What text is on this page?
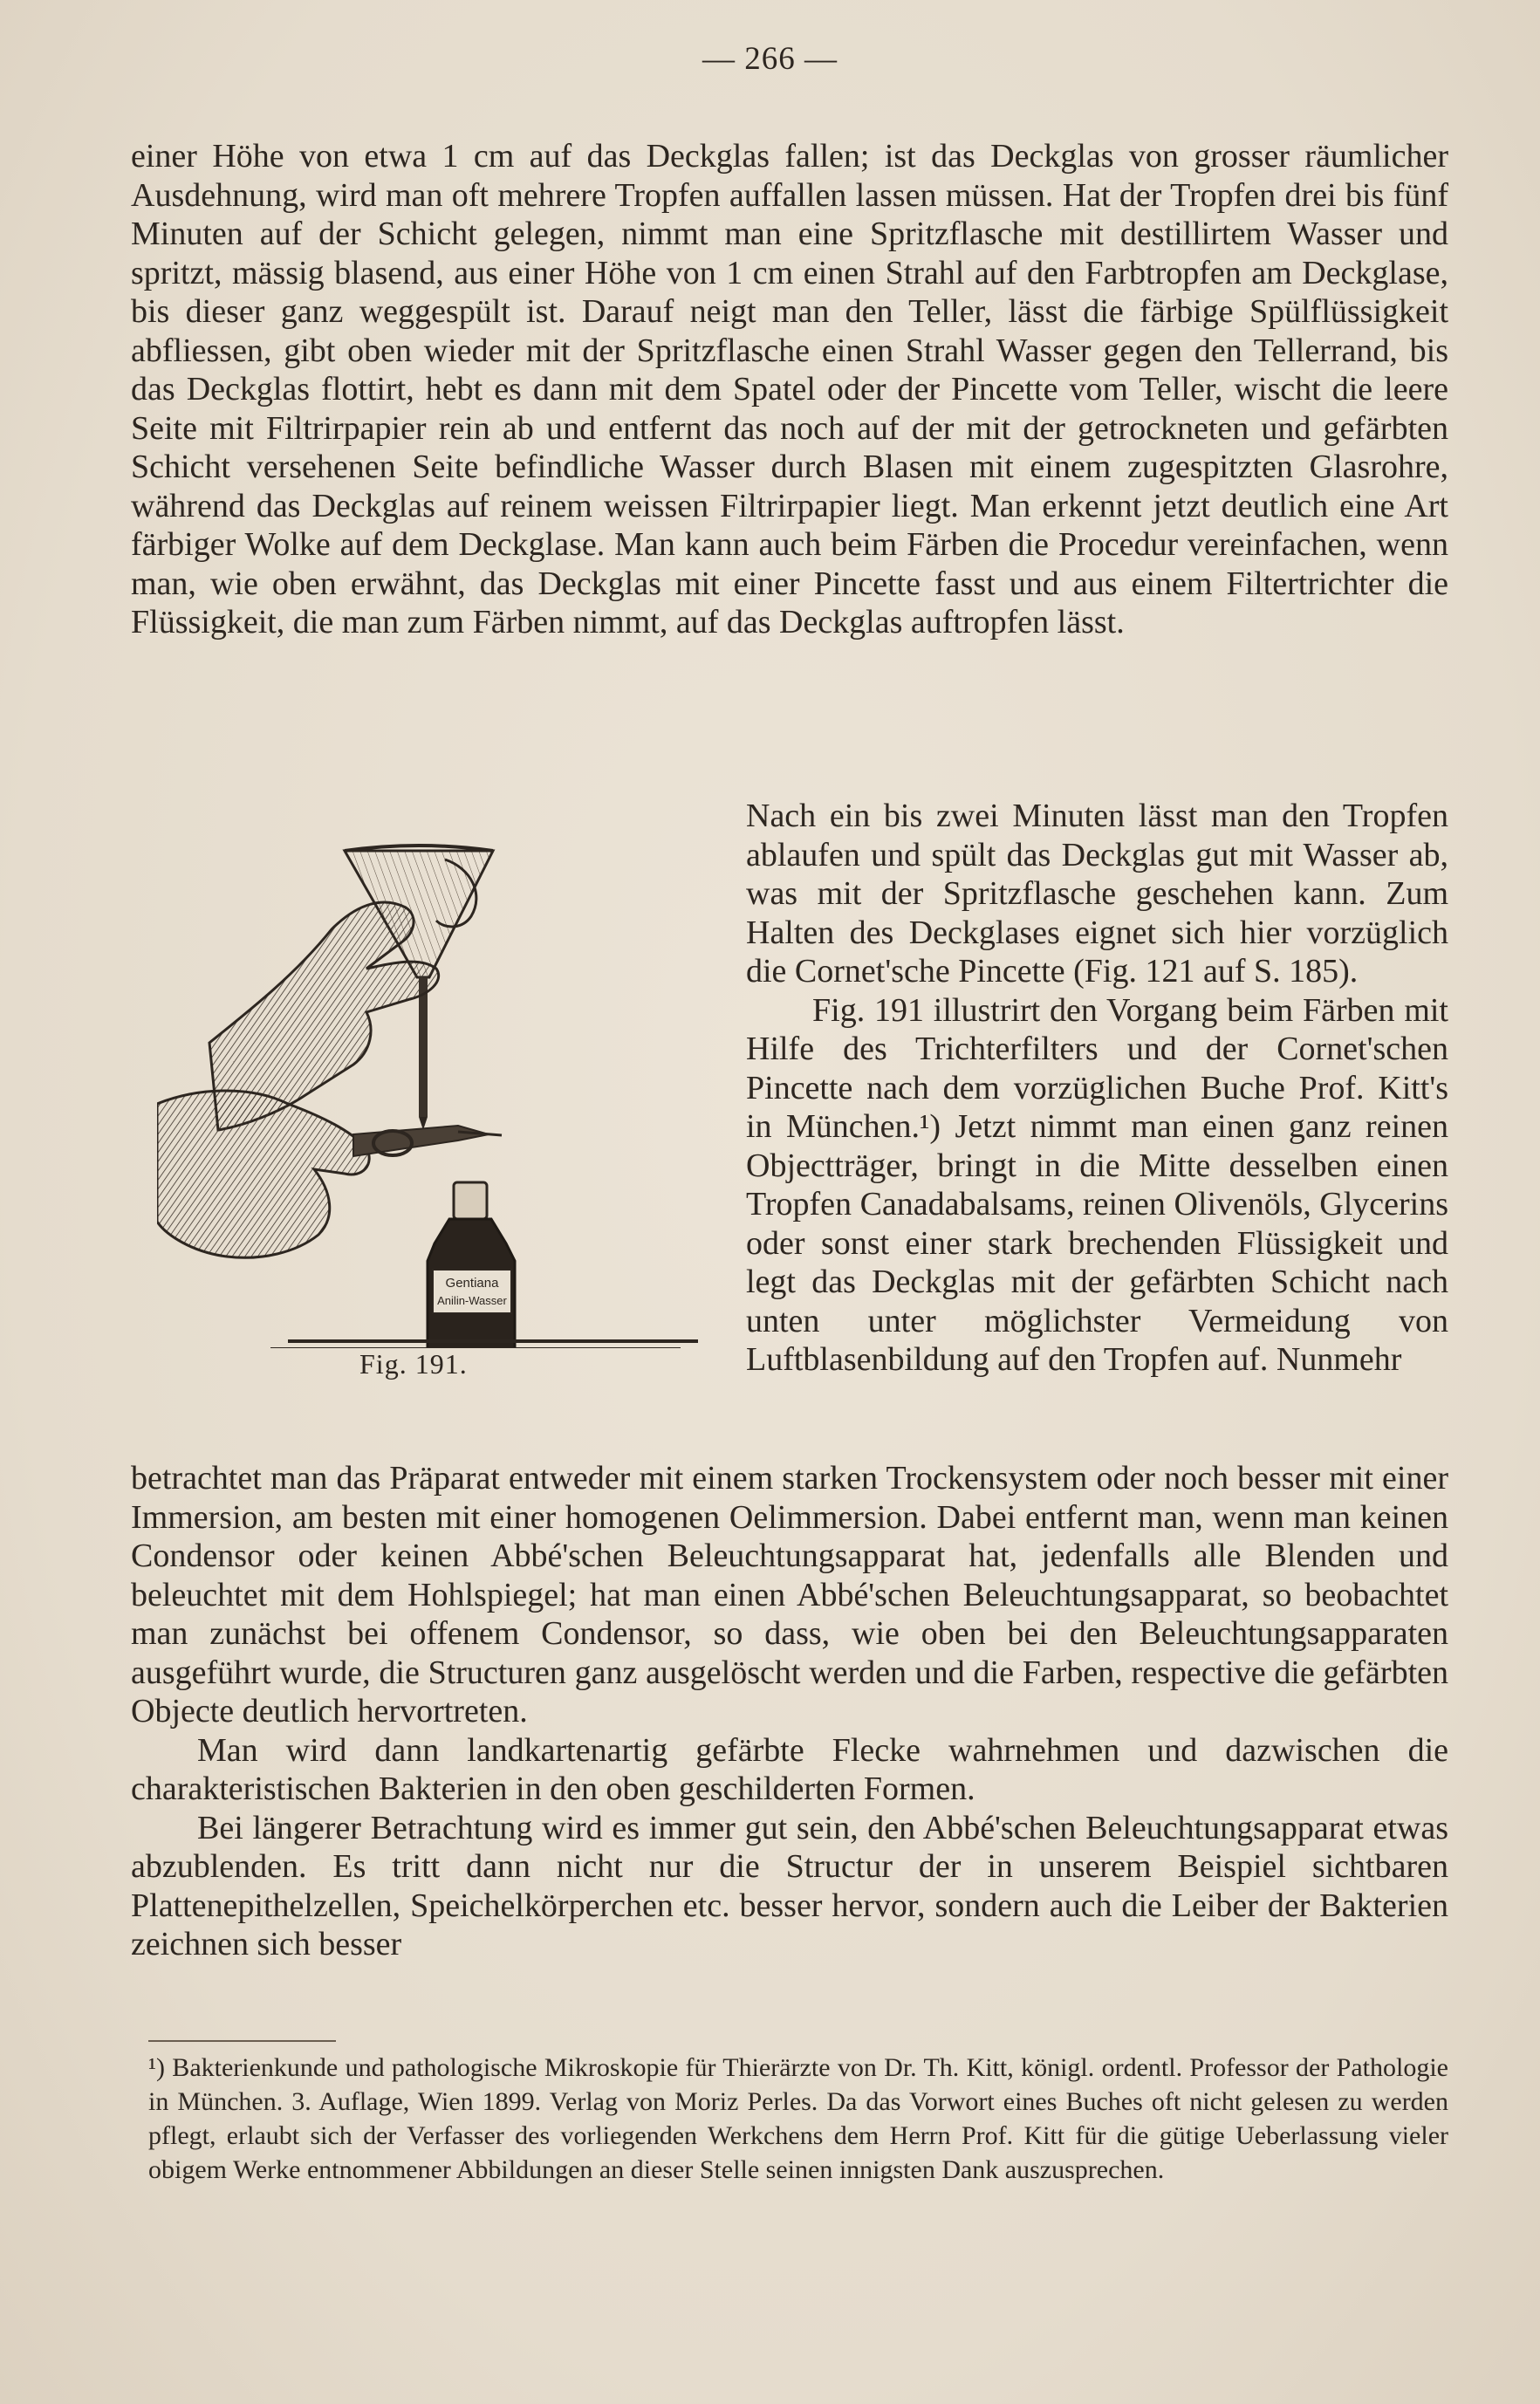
— 266 —

einer Höhe von etwa 1 cm auf das Deckglas fallen; ist das Deckglas von grosser räumlicher Ausdehnung, wird man oft mehrere Tropfen auffallen lassen müssen. Hat der Tropfen drei bis fünf Minuten auf der Schicht gelegen, nimmt man eine Spritzflasche mit destillirtem Wasser und spritzt, mässig blasend, aus einer Höhe von 1 cm einen Strahl auf den Farbtropfen am Deckglase, bis dieser ganz weggespült ist. Darauf neigt man den Teller, lässt die färbige Spülflüssigkeit abfliessen, gibt oben wieder mit der Spritzflasche einen Strahl Wasser gegen den Tellerrand, bis das Deckglas flottirt, hebt es dann mit dem Spatel oder der Pincette vom Teller, wischt die leere Seite mit Filtrirpapier rein ab und entfernt das noch auf der mit der getrockneten und gefärbten Schicht versehenen Seite befindliche Wasser durch Blasen mit einem zugespitzten Glasrohre, während das Deckglas auf reinem weissen Filtrirpapier liegt. Man erkennt jetzt deutlich eine Art färbiger Wolke auf dem Deckglase. Man kann auch beim Färben die Procedur vereinfachen, wenn man, wie oben erwähnt, das Deckglas mit einer Pincette fasst und aus einem Filtertrichter die Flüssigkeit, die man zum Färben nimmt, auf das Deckglas auftropfen lässt.

Gentiana
Anilin-Wasser
Fig. 191.

Nach ein bis zwei Minuten lässt man den Tropfen ablaufen und spült das Deckglas gut mit Wasser ab, was mit der Spritzflasche geschehen kann. Zum Halten des Deckglases eignet sich hier vorzüglich die Cornet'sche Pincette (Fig. 121 auf S. 185).

Fig. 191 illustrirt den Vorgang beim Färben mit Hilfe des Trichterfilters und der Cornet'schen Pincette nach dem vorzüglichen Buche Prof. Kitt's in München.¹) Jetzt nimmt man einen ganz reinen Objectträger, bringt in die Mitte desselben einen Tropfen Canadabalsams, reinen Olivenöls, Glycerins oder sonst einer stark brechenden Flüssigkeit und legt das Deckglas mit der gefärbten Schicht nach unten unter möglichster Vermeidung von Luftblasenbildung auf den Tropfen auf. Nunmehr

betrachtet man das Präparat entweder mit einem starken Trockensystem oder noch besser mit einer Immersion, am besten mit einer homogenen Oelimmersion. Dabei entfernt man, wenn man keinen Condensor oder keinen Abbé'schen Beleuchtungsapparat hat, jedenfalls alle Blenden und beleuchtet mit dem Hohlspiegel; hat man einen Abbé'schen Beleuchtungsapparat, so beobachtet man zunächst bei offenem Condensor, so dass, wie oben bei den Beleuchtungsapparaten ausgeführt wurde, die Structuren ganz ausgelöscht werden und die Farben, respective die gefärbten Objecte deutlich hervortreten.

Man wird dann landkartenartig gefärbte Flecke wahrnehmen und dazwischen die charakteristischen Bakterien in den oben geschilderten Formen.

Bei längerer Betrachtung wird es immer gut sein, den Abbé'schen Beleuchtungsapparat etwas abzublenden. Es tritt dann nicht nur die Structur der in unserem Beispiel sichtbaren Plattenepithelzellen, Speichelkörperchen etc. besser hervor, sondern auch die Leiber der Bakterien zeichnen sich besser

¹) Bakterienkunde und pathologische Mikroskopie für Thierärzte von Dr. Th. Kitt, königl. ordentl. Professor der Pathologie in München. 3. Auflage, Wien 1899. Verlag von Moriz Perles. Da das Vorwort eines Buches oft nicht gelesen zu werden pflegt, erlaubt sich der Verfasser des vorliegenden Werkchens dem Herrn Prof. Kitt für die gütige Ueberlassung vieler obigem Werke entnommener Abbildungen an dieser Stelle seinen innigsten Dank auszusprechen.
